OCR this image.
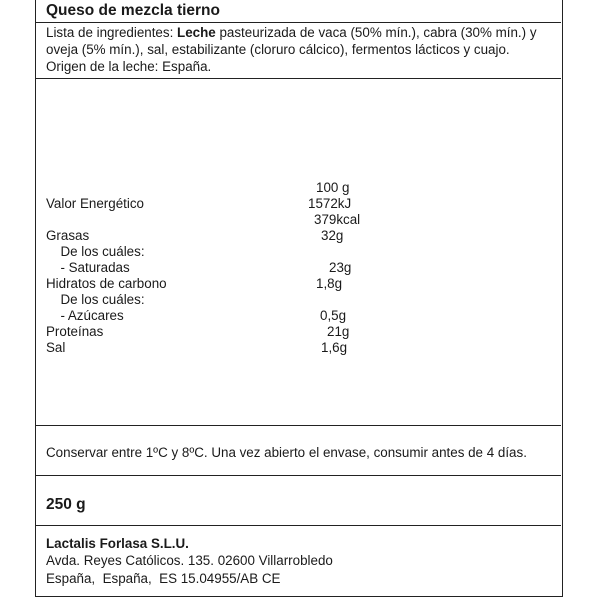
Queso de mezcla tierno
Lista de ingredientes: Leche pasteurizada de vaca (50% mín.), cabra (30% mín.) y
oveja (5% mín.), sal, estabilizante (cloruro cálcico), fermentos lácticos y cuajo.
Origen de la leche: España.
100 g
Valor Energético	1572kJ
379kcal
Grasas	32g
De los cuáles:
- Saturadas	23g
Hidratos de carbono	1,8g
De los cuáles:
- Azúcares	0,5g
Proteínas	21g
Sal	1,6g
Conservar entre 1ºC y 8ºC. Una vez abierto el envase, consumir antes de 4 días.
250 g
Lactalis Forlasa S.L.U.
Avda. Reyes Católicos. 135. 02600 Villarrobledo
España,  España,  ES 15.04955/AB CE
